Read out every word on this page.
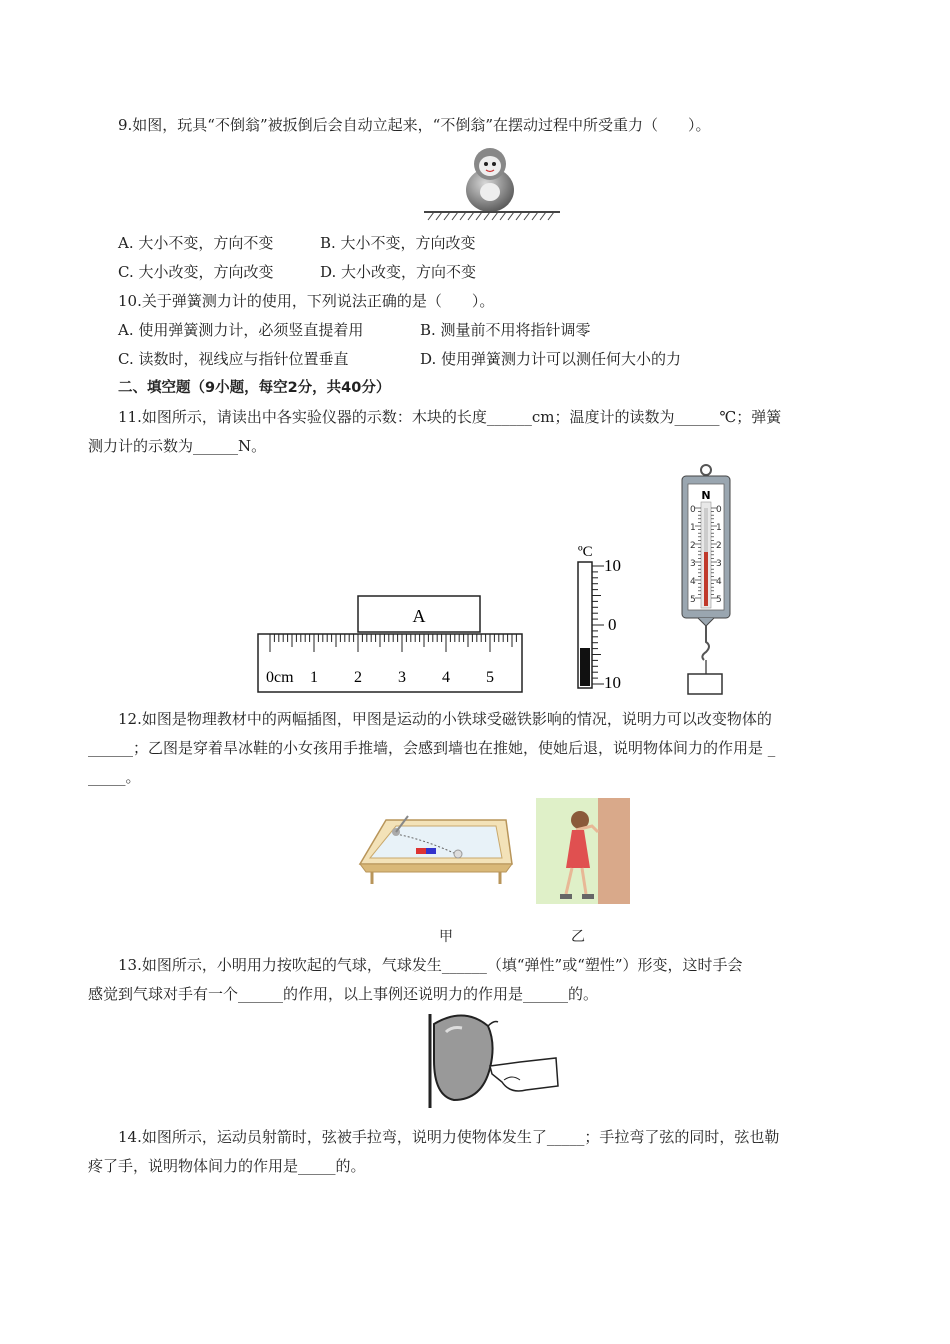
9.如图，玩具“不倒翁”被扳倒后会自动立起来，“不倒翁”在摆动过程中所受重力（　　）。
A. 大小不变，方向不变	B. 大小不变，方向改变
C. 大小改变，方向改变	D. 大小改变，方向不变
10.关于弹簧测力计的使用，下列说法正确的是（　　）。
A. 使用弹簧测力计，必须竖直提着用	B. 测量前不用将指针调零
C. 读数时，视线应与指针位置垂直	D. 使用弹簧测力计可以测任何大小的力
二、填空题（9小题，每空2分，共40分）
11.如图所示，请读出中各实验仪器的示数：木块的长度______cm；温度计的读数为______℃；弹簧
测力计的示数为______N。
A
0cm 1 2 3 4 5
ºC
10
0
10
N
0
1
2
3
4
5
0
1
2
3
4
5
12.如图是物理教材中的两幅插图，甲图是运动的小铁球受磁铁影响的情况，说明力可以改变物体的
______；乙图是穿着旱冰鞋的小女孩用手推墙，会感到墙也在推她，使她后退，说明物体间力的作用是 _
_____。
甲	乙
13.如图所示，小明用力按吹起的气球，气球发生______（填“弹性”或“塑性”）形变，这时手会
感觉到气球对手有一个______的作用，以上事例还说明力的作用是______的。
14.如图所示，运动员射箭时，弦被手拉弯，说明力使物体发生了_____；手拉弯了弦的同时，弦也勒
疼了手，说明物体间力的作用是_____的。
